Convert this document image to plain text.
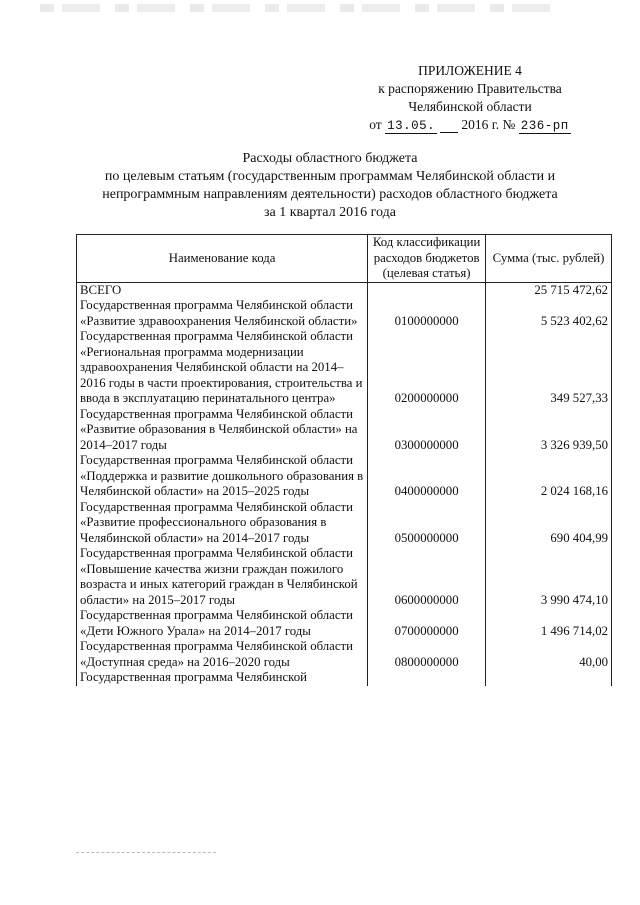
ПРИЛОЖЕНИЕ 4
к распоряжению Правительства
Челябинской области
от 13.05. 2016 г. № 236-рп
Расходы областного бюджета
по целевым статьям (государственным программам Челябинской области и
непрограммным направлениям деятельности) расходов областного бюджета
за 1 квартал 2016 года
Наименование кода	Код классификации расходов бюджетов (целевая статья)	Сумма (тыс. рублей)
ВСЕГО		25 715 472,62
Государственная программа Челябинской области «Развитие здравоохранения Челябинской области»	0100000000	5 523 402,62
Государственная программа Челябинской области «Региональная программа модернизации здравоохранения Челябинской области на 2014–2016 годы в части проектирования, строительства и ввода в эксплуатацию перинатального центра»	0200000000	349 527,33
Государственная программа Челябинской области «Развитие образования в Челябинской области» на 2014–2017 годы	0300000000	3 326 939,50
Государственная программа Челябинской области «Поддержка и развитие дошкольного образования в Челябинской области» на 2015–2025 годы	0400000000	2 024 168,16
Государственная программа Челябинской области «Развитие профессионального образования в Челябинской области» на 2014–2017 годы	0500000000	690 404,99
Государственная программа Челябинской области «Повышение качества жизни граждан пожилого возраста и иных категорий граждан в Челябинской области» на 2015–2017 годы	0600000000	3 990 474,10
Государственная программа Челябинской области «Дети Южного Урала» на 2014–2017 годы	0700000000	1 496 714,02
Государственная программа Челябинской области «Доступная среда» на 2016–2020 годы	0800000000	40,00
Государственная программа Челябинской		
